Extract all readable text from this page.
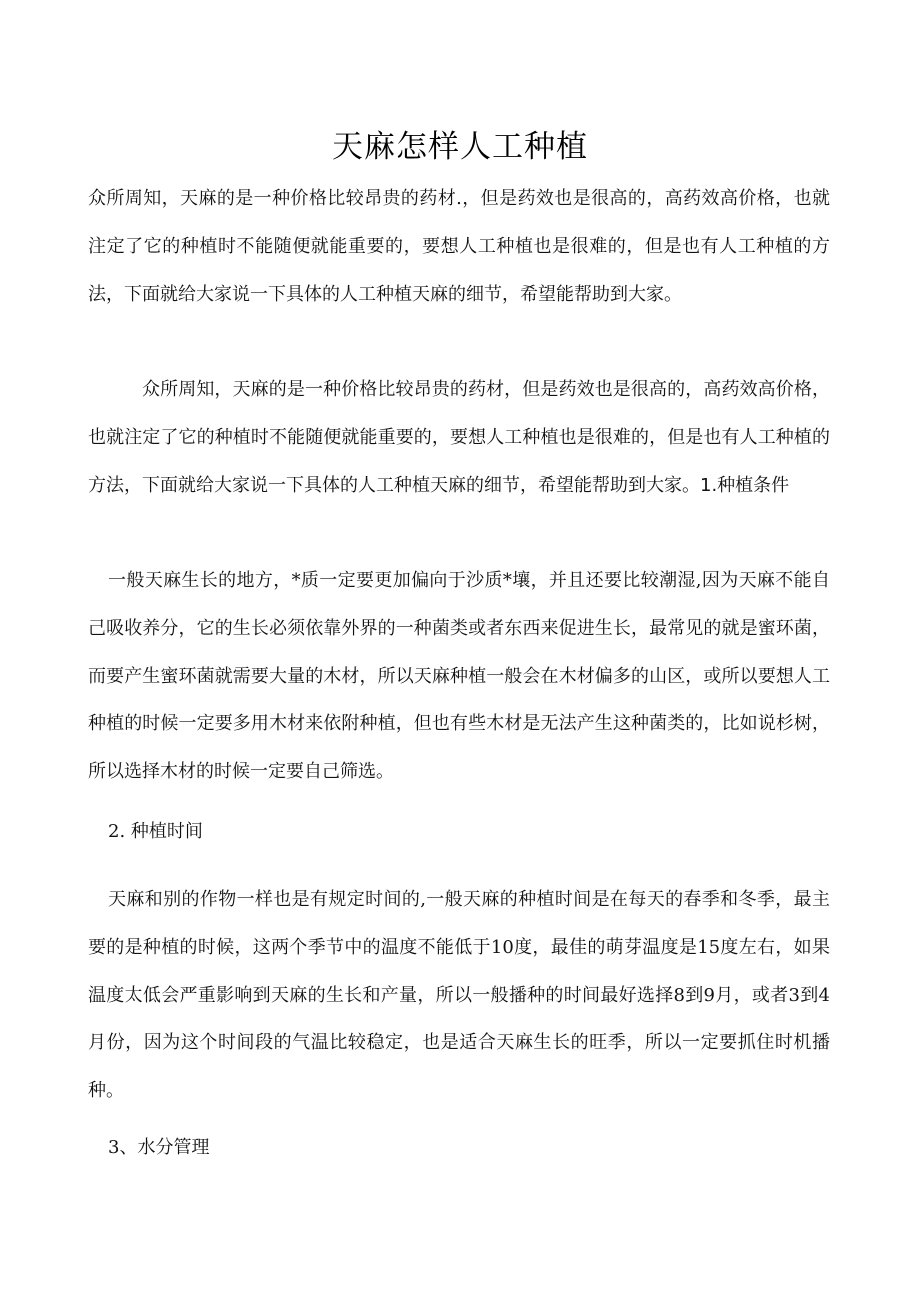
天麻怎样人工种植

众所周知，天麻的是一种价格比较昂贵的药材.，但是药效也是很高的，高药效高价格，也就注定了它的种植时不能随便就能重要的，要想人工种植也是很难的，但是也有人工种植的方法，下面就给大家说一下具体的人工种植天麻的细节，希望能帮助到大家。

众所周知，天麻的是一种价格比较昂贵的药材，但是药效也是很高的，高药效高价格，也就注定了它的种植时不能随便就能重要的，要想人工种植也是很难的，但是也有人工种植的方法，下面就给大家说一下具体的人工种植天麻的细节，希望能帮助到大家。1.种植条件

一般天麻生长的地方，*质一定要更加偏向于沙质*壤，并且还要比较潮湿,因为天麻不能自己吸收养分，它的生长必须依靠外界的一种菌类或者东西来促进生长，最常见的就是蜜环菌，而要产生蜜环菌就需要大量的木材，所以天麻种植一般会在木材偏多的山区，或所以要想人工种植的时候一定要多用木材来依附种植，但也有些木材是无法产生这种菌类的，比如说杉树，所以选择木材的时候一定要自己筛选。

2. 种植时间

天麻和别的作物一样也是有规定时间的,一般天麻的种植时间是在每天的春季和冬季，最主要的是种植的时候，这两个季节中的温度不能低于10度，最佳的萌芽温度是15度左右，如果温度太低会严重影响到天麻的生长和产量，所以一般播种的时间最好选择8到9月，或者3到4月份，因为这个时间段的气温比较稳定，也是适合天麻生长的旺季，所以一定要抓住时机播种。

3、水分管理
